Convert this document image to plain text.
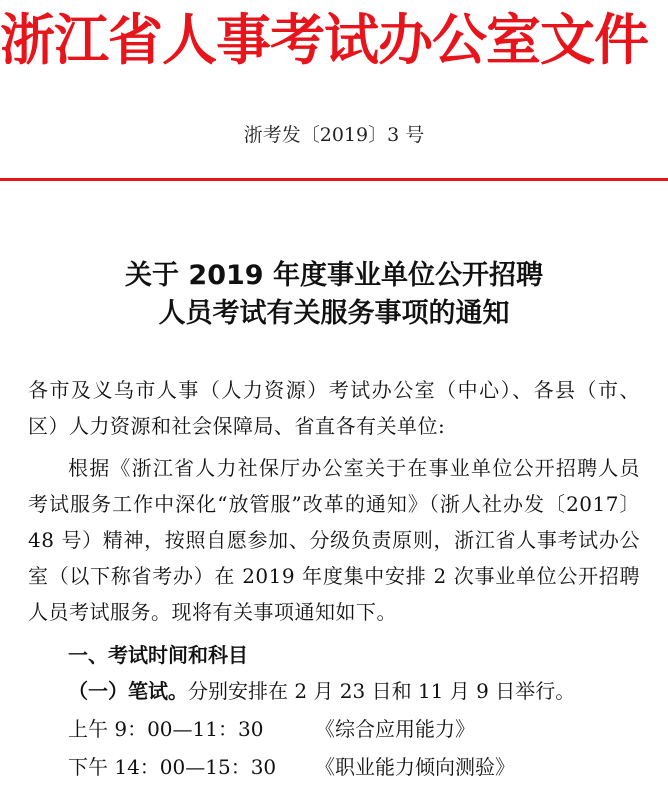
浙江省人事考试办公室文件
浙考发〔2019〕3 号
关于 2019 年度事业单位公开招聘
人员考试有关服务事项的通知
各市及义乌市人事（人力资源）考试办公室（中心）、各县（市、区）人力资源和社会保障局、省直各有关单位:
根据《浙江省人力社保厅办公室关于在事业单位公开招聘人员考试服务工作中深化“放管服”改革的通知》（浙人社办发〔2017〕48 号）精神，按照自愿参加、分级负责原则，浙江省人事考试办公室（以下称省考办）在 2019 年度集中安排 2 次事业单位公开招聘人员考试服务。现将有关事项通知如下。
一、考试时间和科目
（一）笔试。分别安排在 2 月 23 日和 11 月 9 日举行。
上午 9：00—11：30	《综合应用能力》
下午 14：00—15：30 《职业能力倾向测验》
